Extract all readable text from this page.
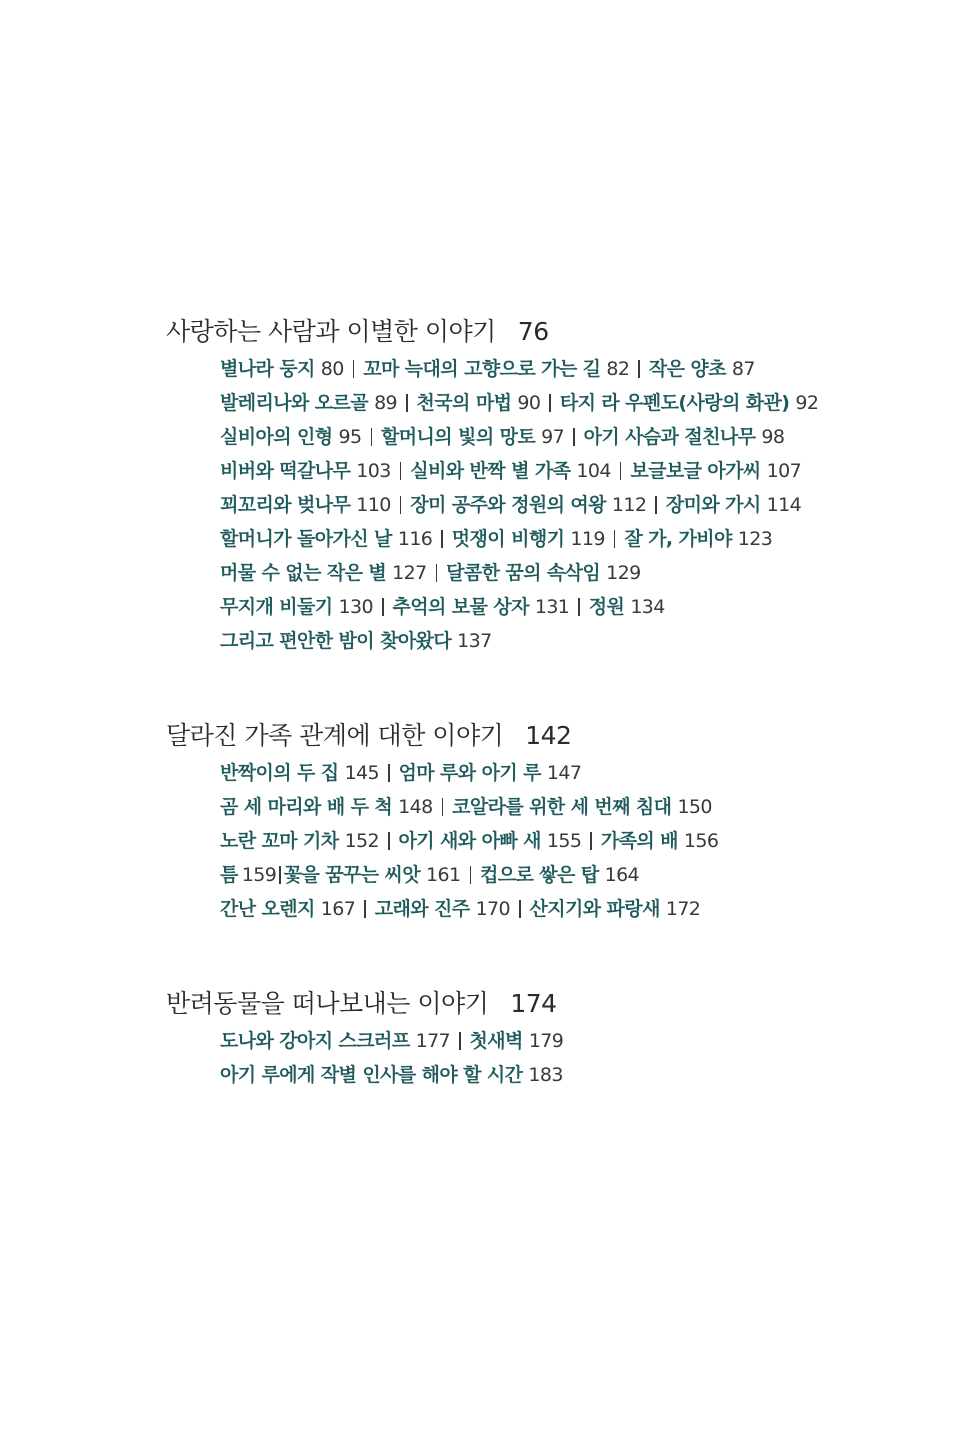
사랑하는 사람과 이별한 이야기 76
별나라 둥지 80 꼬마 늑대의 고향으로 가는 길 82 작은 양초 87
발레리나와 오르골 89 천국의 마법 90 타지 라 우펜도(사랑의 화관) 92
실비아의 인형 95 할머니의 빛의 망토 97 아기 사슴과 절친나무 98
비버와 떡갈나무 103 실비와 반짝 별 가족 104 보글보글 아가씨 107
꾀꼬리와 벚나무 110 장미 공주와 정원의 여왕 112 장미와 가시 114
할머니가 돌아가신 날 116 멋쟁이 비행기 119 잘 가, 가비야 123
머물 수 없는 작은 별 127 달콤한 꿈의 속삭임 129
무지개 비둘기 130 추억의 보물 상자 131 정원 134
그리고 편안한 밤이 찾아왔다 137
달라진 가족 관계에 대한 이야기 142
반짝이의 두 집 145 엄마 루와 아기 루 147
곰 세 마리와 배 두 척 148 코알라를 위한 세 번째 침대 150
노란 꼬마 기차 152 아기 새와 아빠 새 155 가족의 배 156
틈 159 꽃을 꿈꾸는 씨앗 161 컵으로 쌓은 탑 164
간난 오렌지 167 고래와 진주 170 산지기와 파랑새 172
반려동물을 떠나보내는 이야기 174
도나와 강아지 스크러프 177 첫새벽 179
아기 루에게 작별 인사를 해야 할 시간 183
